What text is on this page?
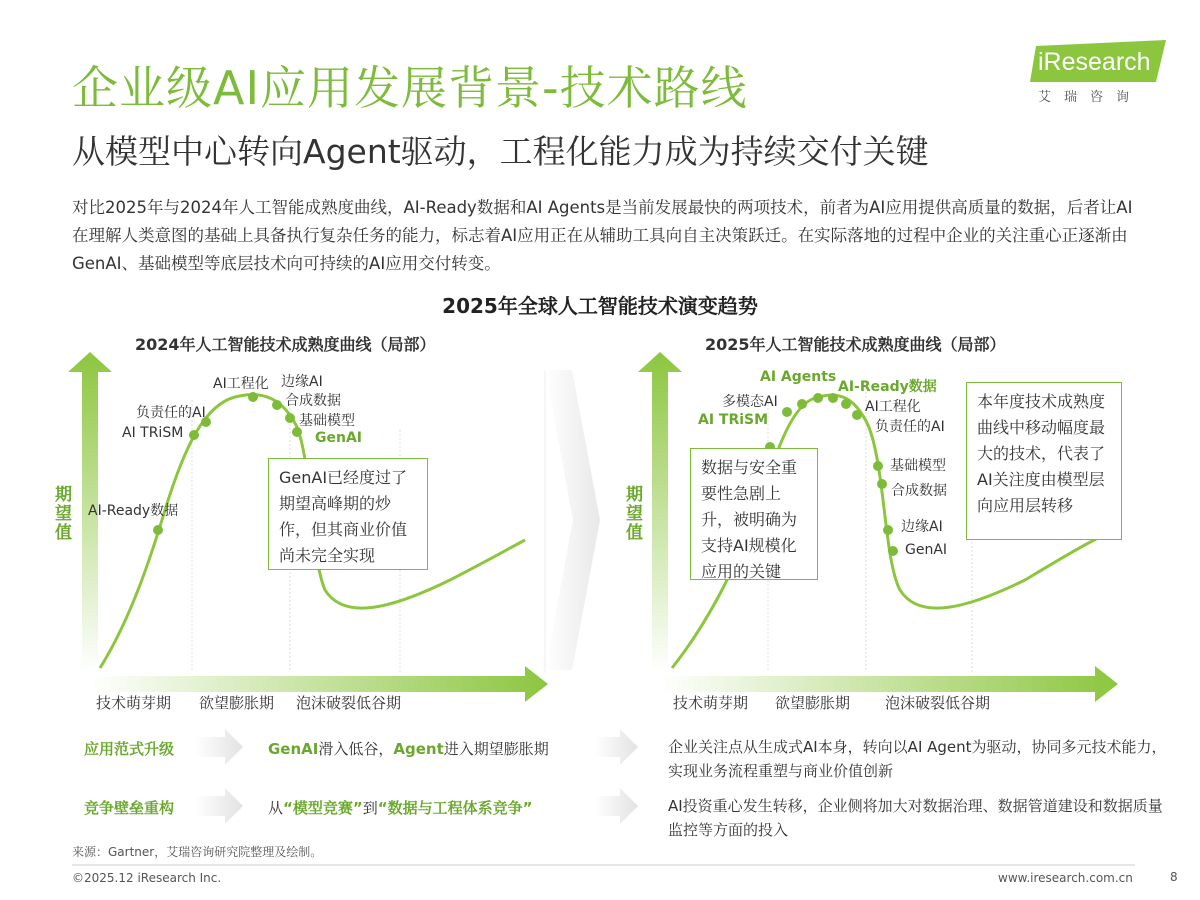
企业级AI应用发展背景-技术路线
从模型中心转向Agent驱动，工程化能力成为持续交付关键
iResearch
艾瑞咨询
对比2025年与2024年人工智能成熟度曲线，AI-Ready数据和AI Agents是当前发展最快的两项技术，前者为AI应用提供高质量的数据，后者让AI在理解人类意图的基础上具备执行复杂任务的能力，标志着AI应用正在从辅助工具向自主决策跃迁。在实际落地的过程中企业的关注重心正逐渐由GenAI、基础模型等底层技术向可持续的AI应用交付转变。
2025年全球人工智能技术演变趋势
2024年人工智能技术成熟度曲线（局部）
期望值
AI-Ready数据
AI TRiSM
负责任的AI
AI工程化 边缘AI
合成数据
基础模型
GenAI
GenAI已经度过了期望高峰期的炒作，但其商业价值尚未完全实现
技术萌芽期 欲望膨胀期 泡沫破裂低谷期
2025年人工智能技术成熟度曲线（局部）
期望值
AI Agents
AI-Ready数据
多模态AI
AI TRiSM
AI工程化
负责任的AI
基础模型
合成数据
边缘AI
GenAI
数据与安全重要性急剧上升，被明确为支持AI规模化应用的关键
本年度技术成熟度曲线中移动幅度最大的技术，代表了AI关注度由模型层向应用层转移
技术萌芽期 欲望膨胀期 泡沫破裂低谷期
应用范式升级	GenAI滑入低谷，Agent进入期望膨胀期	企业关注点从生成式AI本身，转向以AI Agent为驱动，协同多元技术能力，实现业务流程重塑与商业价值创新
竞争壁垒重构	从“模型竞赛”到“数据与工程体系竞争”	AI投资重心发生转移，企业侧将加大对数据治理、数据管道建设和数据质量监控等方面的投入
来源：Gartner，艾瑞咨询研究院整理及绘制。
©2025.12 iResearch Inc.	www.iresearch.com.cn	8
